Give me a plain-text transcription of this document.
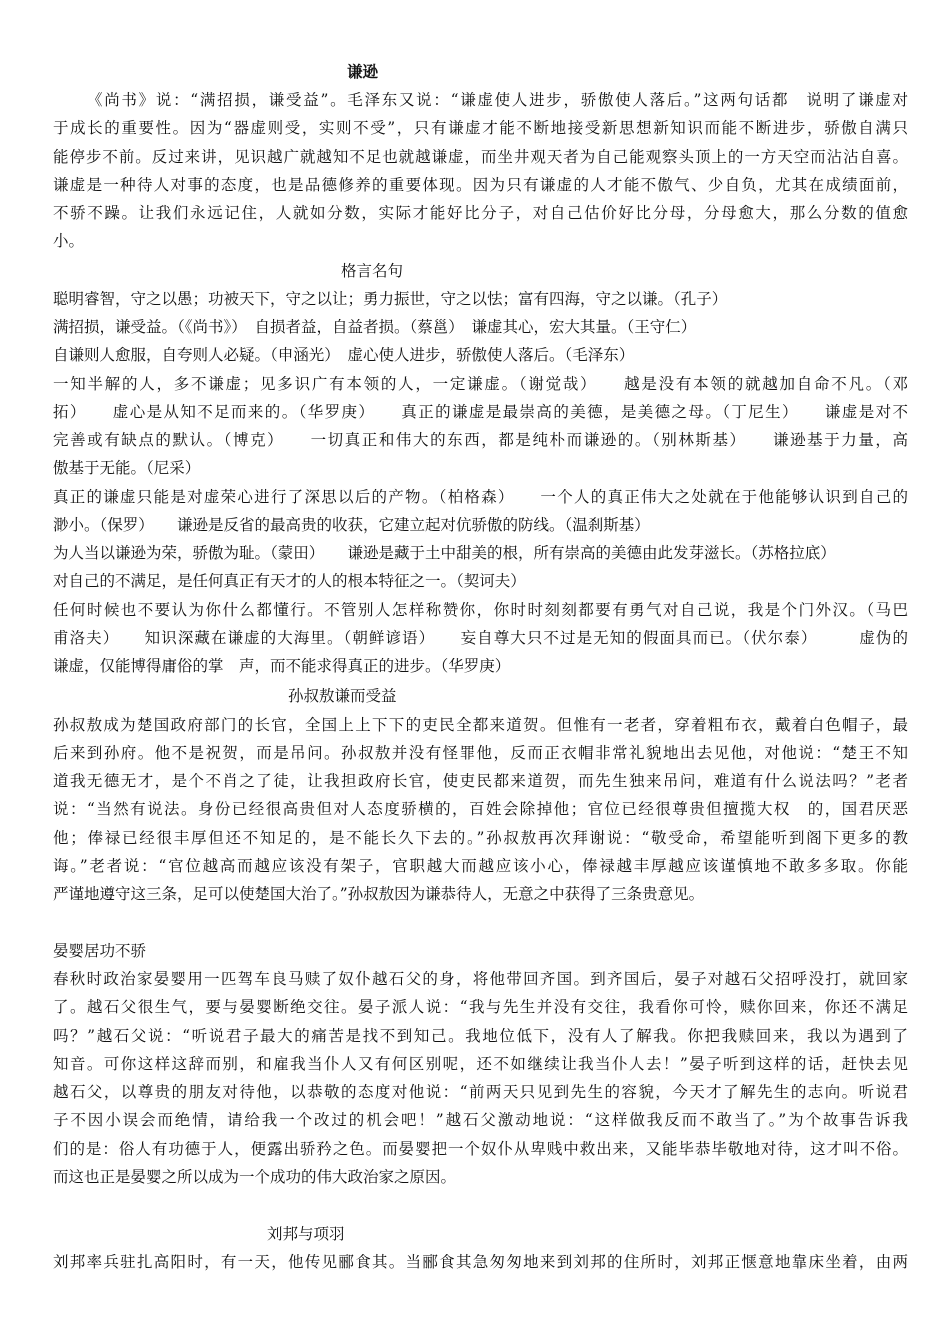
谦逊
《尚书》说：“满招损，谦受益”。毛泽东又说：“谦虚使人进步，骄傲使人落后。”这两句话都　说明了谦虚对
于成长的重要性。因为“器虚则受，实则不受”，只有谦虚才能不断地接受新思想新知识而能不断进步，骄傲自满只
能停步不前。反过来讲，见识越广就越知不足也就越谦虚，而坐井观天者为自己能观察头顶上的一方天空而沾沾自喜。
谦虚是一种待人对事的态度，也是品德修养的重要体现。因为只有谦虚的人才能不傲气、少自负，尤其在成绩面前，
不骄不躁。让我们永远记住，人就如分数，实际才能好比分子，对自己估价好比分母，分母愈大，那么分数的值愈
小。
格言名句
聪明睿智，守之以愚；功被天下，守之以让；勇力振世，守之以怯；富有四海，守之以谦。（孔子）
满招损，谦受益。（《尚书》）　自损者益，自益者损。（蔡邕）　谦虚其心，宏大其量。（王守仁）
自谦则人愈服，自夸则人必疑。（申涵光）　虚心使人进步，骄傲使人落后。（毛泽东）
一知半解的人，多不谦虚；见多识广有本领的人，一定谦虚。（谢觉哉）　　越是没有本领的就越加自命不凡。（邓
拓）　　虚心是从知不足而来的。（华罗庚）　　真正的谦虚是最崇高的美德，是美德之母。（丁尼生）　　谦虚是对不
完善或有缺点的默认。（博克）　　一切真正和伟大的东西，都是纯朴而谦逊的。（别林斯基）　　谦逊基于力量，高
傲基于无能。（尼采）
真正的谦虚只能是对虚荣心进行了深思以后的产物。（柏格森）　　一个人的真正伟大之处就在于他能够认识到自己的
渺小。（保罗）　　谦逊是反省的最高贵的收获，它建立起对伉骄傲的防线。（温刹斯基）
为人当以谦逊为荣，骄傲为耻。（蒙田）　　谦逊是藏于土中甜美的根，所有崇高的美德由此发芽滋长。（苏格拉底）
对自己的不满足，是任何真正有天才的人的根本特征之一。（契诃夫）
任何时候也不要认为你什么都懂行。不管别人怎样称赞你，你时时刻刻都要有勇气对自己说，我是个门外汉。（马巴
甫洛夫）　　知识深藏在谦虚的大海里。（朝鲜谚语）　　妄自尊大只不过是无知的假面具而已。（伏尔泰）　　　虚伪的
谦虚，仅能博得庸俗的掌　声，而不能求得真正的进步。（华罗庚）
孙叔敖谦而受益
孙叔敖成为楚国政府部门的长官，全国上上下下的吏民全都来道贺。但惟有一老者，穿着粗布衣，戴着白色帽子，最
后来到孙府。他不是祝贺，而是吊问。孙叔敖并没有怪罪他，反而正衣帽非常礼貌地出去见他，对他说：“楚王不知
道我无德无才，是个不肖之了徒，让我担政府长官，使吏民都来道贺，而先生独来吊问，难道有什么说法吗？”老者
说：“当然有说法。身份已经很高贵但对人态度骄横的，百姓会除掉他；官位已经很尊贵但擅揽大权　的，国君厌恶
他；俸禄已经很丰厚但还不知足的，是不能长久下去的。”孙叔敖再次拜谢说：“敬受命，希望能听到阁下更多的教
诲。”老者说：“官位越高而越应该没有架子，官职越大而越应该小心，俸禄越丰厚越应该谨慎地不敢多多取。你能
严谨地遵守这三条，足可以使楚国大治了。”孙叔敖因为谦恭待人，无意之中获得了三条贵意见。
晏婴居功不骄
春秋时政治家晏婴用一匹驾车良马赎了奴仆越石父的身，将他带回齐国。到齐国后，晏子对越石父招呼没打，就回家
了。越石父很生气，要与晏婴断绝交往。晏子派人说：“我与先生并没有交往，我看你可怜，赎你回来，你还不满足
吗？”越石父说：“听说君子最大的痛苦是找不到知己。我地位低下，没有人了解我。你把我赎回来，我以为遇到了
知音。可你这样这辞而别，和雇我当仆人又有何区别呢，还不如继续让我当仆人去！”晏子听到这样的话，赶快去见
越石父，以尊贵的朋友对待他，以恭敬的态度对他说：“前两天只见到先生的容貌，今天才了解先生的志向。听说君
子不因小误会而绝情，请给我一个改过的机会吧！”越石父激动地说：“这样做我反而不敢当了。”为个故事告诉我
们的是：俗人有功德于人，便露出骄矜之色。而晏婴把一个奴仆从卑贱中救出来，又能毕恭毕敬地对待，这才叫不俗。
而这也正是晏婴之所以成为一个成功的伟大政治家之原因。
刘邦与项羽
刘邦率兵驻扎高阳时，有一天，他传见郦食其。当郦食其急匆匆地来到刘邦的住所时，刘邦正惬意地靠床坐着，由两
